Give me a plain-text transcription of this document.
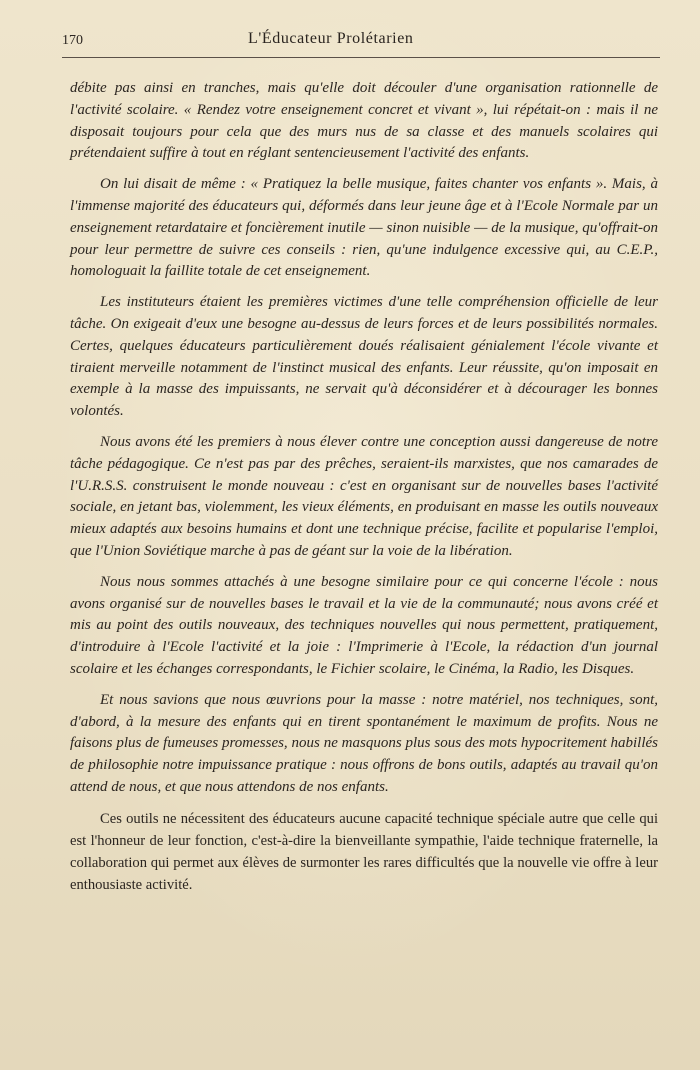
170	L'Éducateur Prolétarien

débite pas ainsi en tranches, mais qu'elle doit découler d'une organisation rationnelle de l'activité scolaire. « Rendez votre enseignement concret et vivant », lui répétait-on : mais il ne disposait toujours pour cela que des murs nus de sa classe et des manuels scolaires qui prétendaient suffire à tout en réglant sentencieusement l'activité des enfants.

On lui disait de même : « Pratiquez la belle musique, faites chanter vos enfants ». Mais, à l'immense majorité des éducateurs qui, déformés dans leur jeune âge et à l'Ecole Normale par un enseignement retardataire et foncièrement inutile — sinon nuisible — de la musique, qu'offrait-on pour leur permettre de suivre ces conseils : rien, qu'une indulgence excessive qui, au C.E.P., homologuait la faillite totale de cet enseignement.

Les instituteurs étaient les premières victimes d'une telle compréhension officielle de leur tâche. On exigeait d'eux une besogne au-dessus de leurs forces et de leurs possibilités normales. Certes, quelques éducateurs particulièrement doués réalisaient génialement l'école vivante et tiraient merveille notamment de l'instinct musical des enfants. Leur réussite, qu'on imposait en exemple à la masse des impuissants, ne servait qu'à déconsidérer et à décourager les bonnes volontés.

Nous avons été les premiers à nous élever contre une conception aussi dangereuse de notre tâche pédagogique. Ce n'est pas par des prêches, seraient-ils marxistes, que nos camarades de l'U.R.S.S. construisent le monde nouveau : c'est en organisant sur de nouvelles bases l'activité sociale, en jetant bas, violemment, les vieux éléments, en produisant en masse les outils nouveaux mieux adaptés aux besoins humains et dont une technique précise, facilite et popularise l'emploi, que l'Union Soviétique marche à pas de géant sur la voie de la libération.

Nous nous sommes attachés à une besogne similaire pour ce qui concerne l'école : nous avons organisé sur de nouvelles bases le travail et la vie de la communauté; nous avons créé et mis au point des outils nouveaux, des techniques nouvelles qui nous permettent, pratiquement, d'introduire à l'Ecole l'activité et la joie : l'Imprimerie à l'Ecole, la rédaction d'un journal scolaire et les échanges correspondants, le Fichier scolaire, le Cinéma, la Radio, les Disques.

Et nous savions que nous œuvrions pour la masse : notre matériel, nos techniques, sont, d'abord, à la mesure des enfants qui en tirent spontanément le maximum de profits. Nous ne faisons plus de fumeuses promesses, nous ne masquons plus sous des mots hypocritement habillés de philosophie notre impuissance pratique : nous offrons de bons outils, adaptés au travail qu'on attend de nous, et que nous attendons de nos enfants.

Ces outils ne nécessitent des éducateurs aucune capacité technique spéciale autre que celle qui est l'honneur de leur fonction, c'est-à-dire la bienveillante sympathie, l'aide technique fraternelle, la collaboration qui permet aux élèves de surmonter les rares difficultés que la nouvelle vie offre à leur enthousiaste activité.
